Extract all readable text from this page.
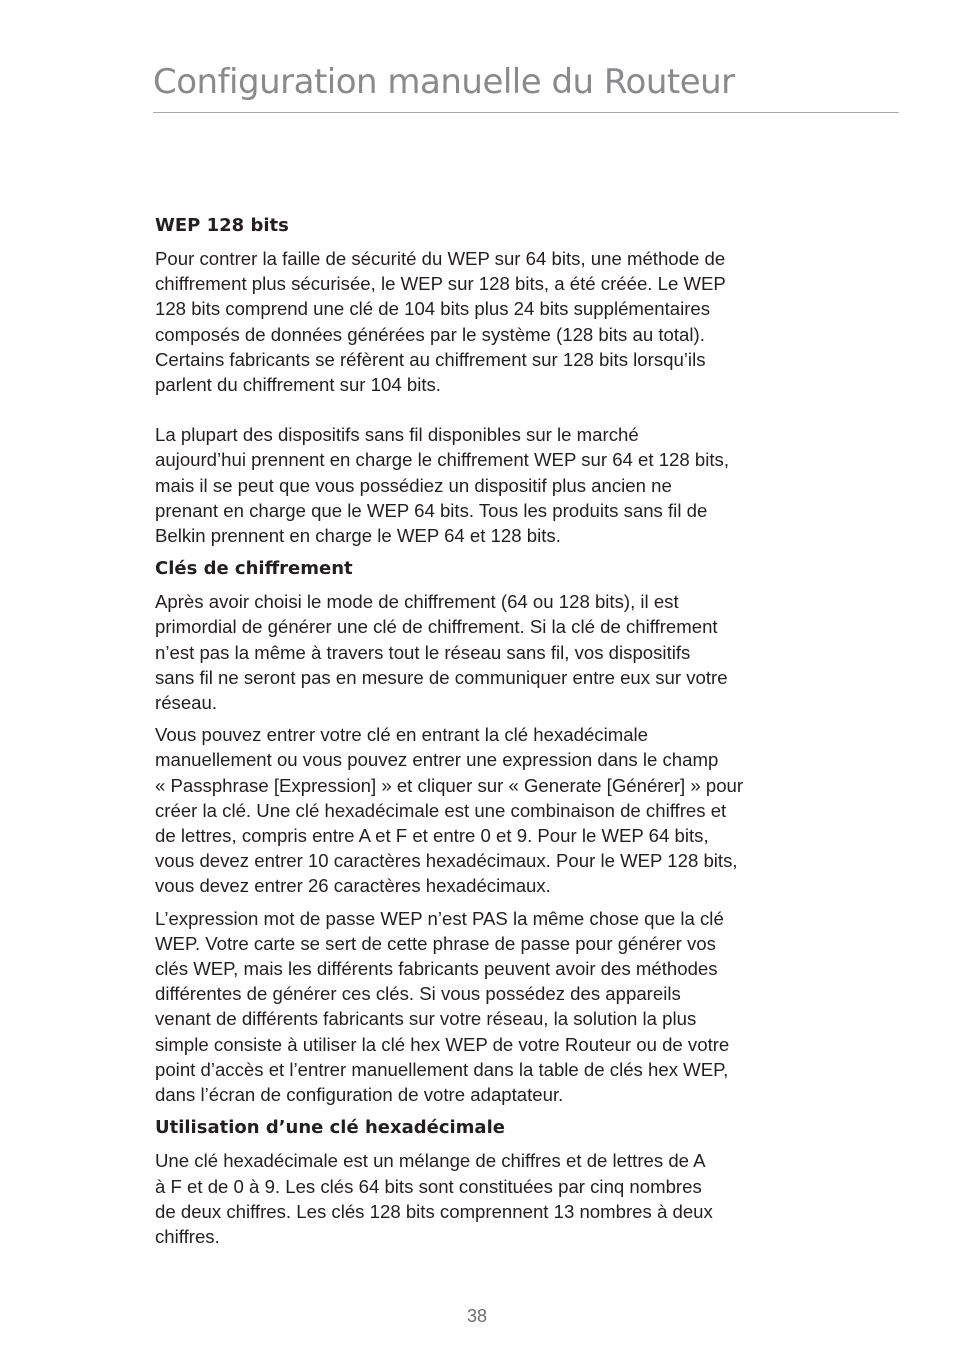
Configuration manuelle du Routeur
WEP 128 bits

Pour contrer la faille de sécurité du WEP sur 64 bits, une méthode de
chiffrement plus sécurisée, le WEP sur 128 bits, a été créée. Le WEP
128 bits comprend une clé de 104 bits plus 24 bits supplémentaires
composés de données générées par le système (128 bits au total).
Certains fabricants se réfèrent au chiffrement sur 128 bits lorsqu’ils
parlent du chiffrement sur 104 bits.

La plupart des dispositifs sans fil disponibles sur le marché
aujourd’hui prennent en charge le chiffrement WEP sur 64 et 128 bits,
mais il se peut que vous possédiez un dispositif plus ancien ne
prenant en charge que le WEP 64 bits. Tous les produits sans fil de
Belkin prennent en charge le WEP 64 et 128 bits.

Clés de chiffrement

Après avoir choisi le mode de chiffrement (64 ou 128 bits), il est
primordial de générer une clé de chiffrement. Si la clé de chiffrement
n’est pas la même à travers tout le réseau sans fil, vos dispositifs
sans fil ne seront pas en mesure de communiquer entre eux sur votre
réseau.

Vous pouvez entrer votre clé en entrant la clé hexadécimale
manuellement ou vous pouvez entrer une expression dans le champ
« Passphrase [Expression] » et cliquer sur « Generate [Générer] » pour
créer la clé. Une clé hexadécimale est une combinaison de chiffres et
de lettres, compris entre A et F et entre 0 et 9. Pour le WEP 64 bits,
vous devez entrer 10 caractères hexadécimaux. Pour le WEP 128 bits,
vous devez entrer 26 caractères hexadécimaux.

L’expression mot de passe WEP n’est PAS la même chose que la clé
WEP. Votre carte se sert de cette phrase de passe pour générer vos
clés WEP, mais les différents fabricants peuvent avoir des méthodes
différentes de générer ces clés. Si vous possédez des appareils
venant de différents fabricants sur votre réseau, la solution la plus
simple consiste à utiliser la clé hex WEP de votre Routeur ou de votre
point d’accès et l’entrer manuellement dans la table de clés hex WEP,
dans l’écran de configuration de votre adaptateur.

Utilisation d’une clé hexadécimale

Une clé hexadécimale est un mélange de chiffres et de lettres de A
à F et de 0 à 9. Les clés 64 bits sont constituées par cinq nombres
de deux chiffres. Les clés 128 bits comprennent 13 nombres à deux
chiffres.

38
